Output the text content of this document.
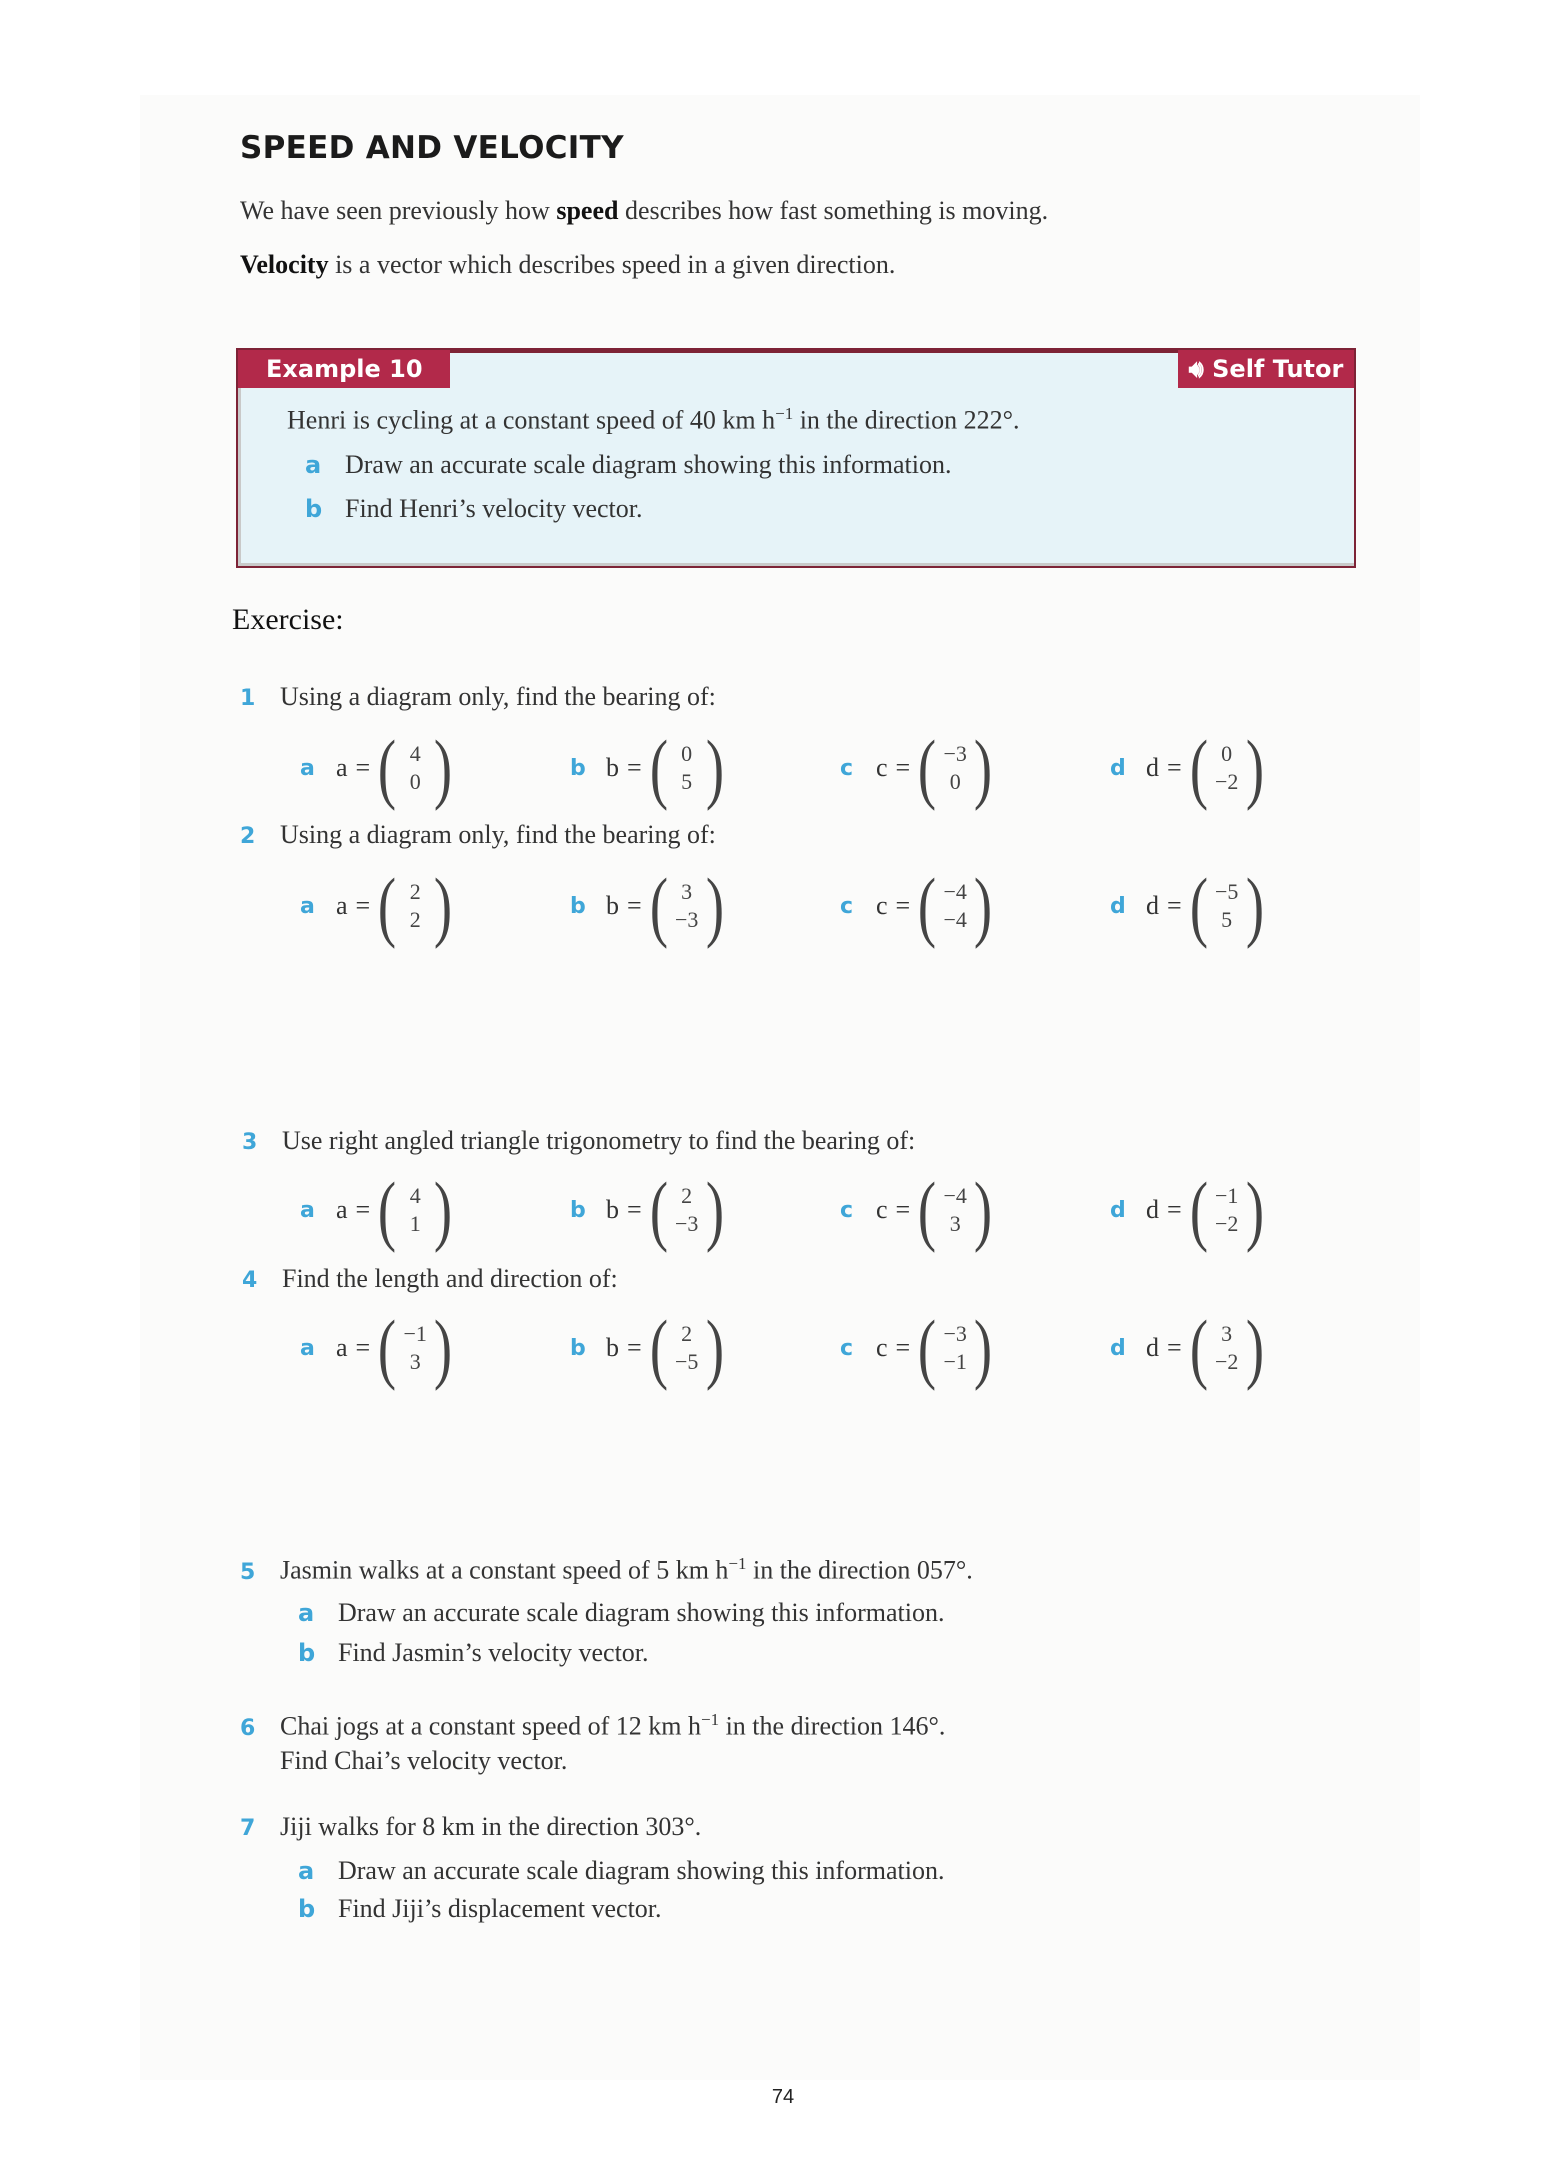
SPEED AND VELOCITY
We have seen previously how speed describes how fast something is moving.
Velocity is a vector which describes speed in a given direction.
Example 10	🔊︎ Self Tutor
Henri is cycling at a constant speed of 40 km $h^{-1}$ in the direction 222°.
a Draw an accurate scale diagram showing this information.
b Find Henri’s velocity vector.
Exercise:
1 Using a diagram only, find the bearing of:
a a = ( 4
0 )	b b = ( 0
5 )	c c = ( −3
0 )	d d = ( 0
−2 )
2 Using a diagram only, find the bearing of:
a a = ( 2
2 )	b b = ( 3
−3 )	c c = ( −4
−4 )	d d = ( −5
5 )
3 Use right angled triangle trigonometry to find the bearing of:
a a = ( 4
1 )	b b = ( 2
−3 )	c c = ( −4
3 )	d d = ( −1
−2 )
4 Find the length and direction of:
a a = ( −1
3 )	b b = ( 2
−5 )	c c = ( −3
−1 )	d d = ( 3
−2 )
5 Jasmin walks at a constant speed of 5 km $h^{-1}$ in the direction 057°.
a Draw an accurate scale diagram showing this information.
b Find Jasmin’s velocity vector.
6 Chai jogs at a constant speed of 12 km $h^{-1}$ in the direction 146°.
Find Chai’s velocity vector.
7 Jiji walks for 8 km in the direction 303°.
a Draw an accurate scale diagram showing this information.
b Find Jiji’s displacement vector.
74
